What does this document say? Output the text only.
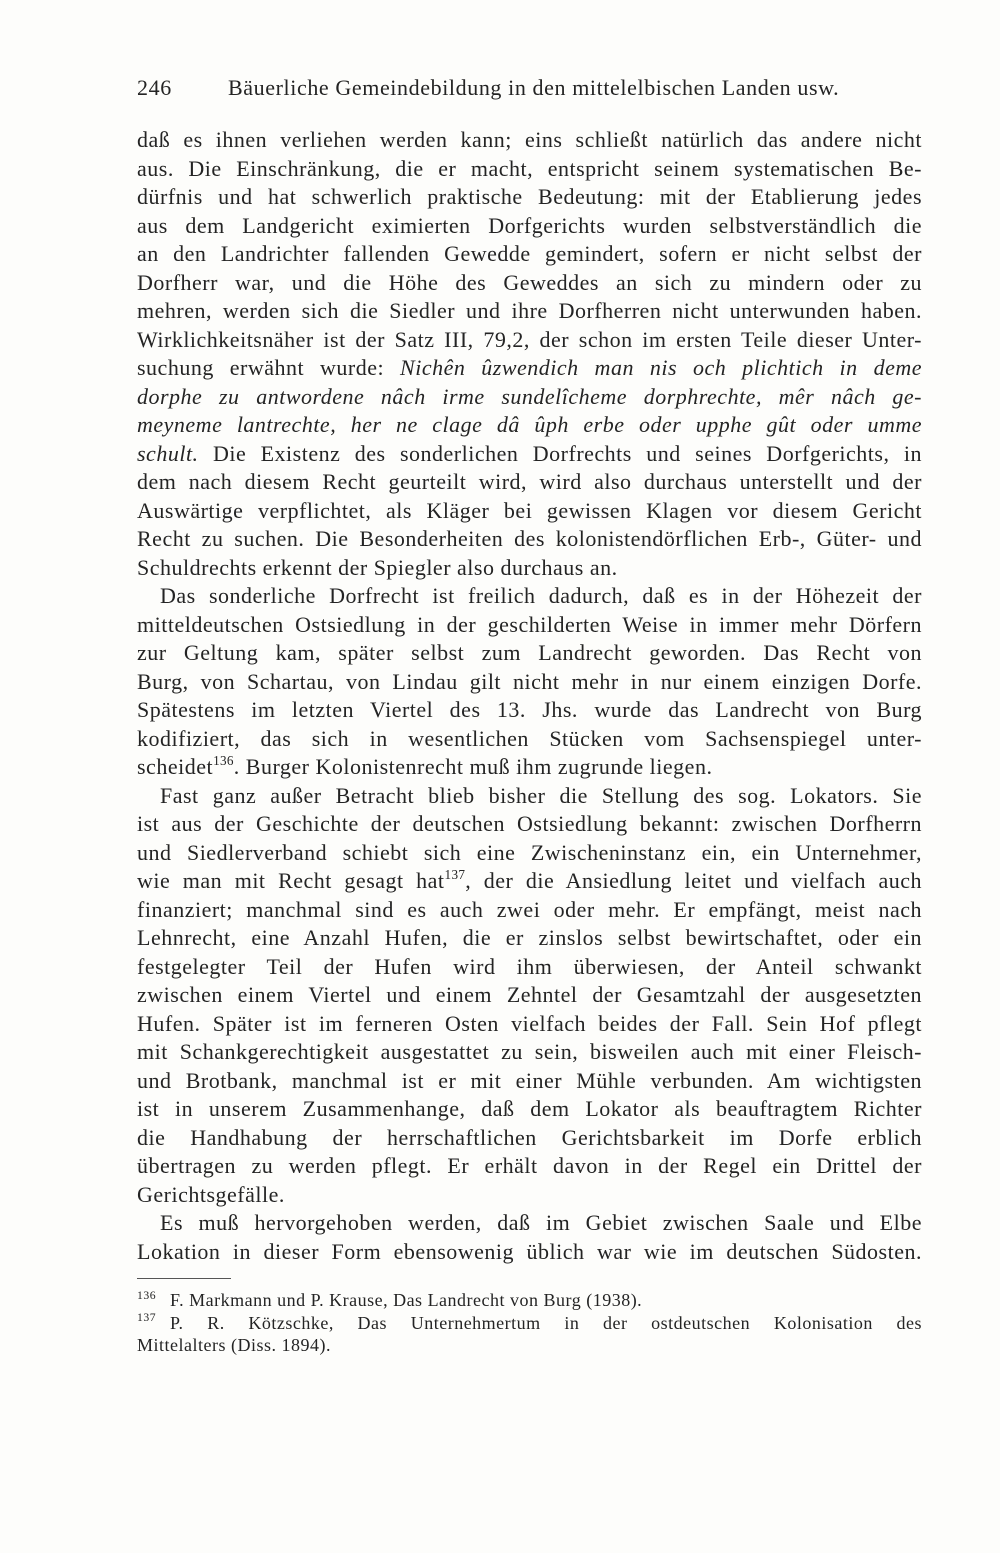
246	Bäuerliche Gemeindebildung in den mittelelbischen Landen usw.
daß es ihnen verliehen werden kann; eins schließt natürlich das andere nicht
aus. Die Einschränkung, die er macht, entspricht seinem systematischen Be-
dürfnis und hat schwerlich praktische Bedeutung: mit der Etablierung jedes
aus dem Landgericht eximierten Dorfgerichts wurden selbstverständlich die
an den Landrichter fallenden Gewedde gemindert, sofern er nicht selbst der
Dorfherr war, und die Höhe des Geweddes an sich zu mindern oder zu
mehren, werden sich die Siedler und ihre Dorfherren nicht unterwunden haben.
Wirklichkeitsnäher ist der Satz III, 79,2, der schon im ersten Teile dieser Unter-
suchung erwähnt wurde: Nichên ûzwendich man nis och plichtich in deme
dorphe zu antwordene nâch irme sundelîcheme dorphrechte, mêr nâch ge-
meyneme lantrechte, her ne clage dâ ûph erbe oder upphe gût oder umme
schult. Die Existenz des sonderlichen Dorfrechts und seines Dorfgerichts, in
dem nach diesem Recht geurteilt wird, wird also durchaus unterstellt und der
Auswärtige verpflichtet, als Kläger bei gewissen Klagen vor diesem Gericht
Recht zu suchen. Die Besonderheiten des kolonistendörflichen Erb-, Güter- und
Schuldrechts erkennt der Spiegler also durchaus an.
Das sonderliche Dorfrecht ist freilich dadurch, daß es in der Höhezeit der
mitteldeutschen Ostsiedlung in der geschilderten Weise in immer mehr Dörfern
zur Geltung kam, später selbst zum Landrecht geworden. Das Recht von
Burg, von Schartau, von Lindau gilt nicht mehr in nur einem einzigen Dorfe.
Spätestens im letzten Viertel des 13. Jhs. wurde das Landrecht von Burg
kodifiziert, das sich in wesentlichen Stücken vom Sachsenspiegel unter-
scheidet$^{136}$. Burger Kolonistenrecht muß ihm zugrunde liegen.
Fast ganz außer Betracht blieb bisher die Stellung des sog. Lokators. Sie
ist aus der Geschichte der deutschen Ostsiedlung bekannt: zwischen Dorfherrn
und Siedlerverband schiebt sich eine Zwischeninstanz ein, ein Unternehmer,
wie man mit Recht gesagt hat$^{137}$, der die Ansiedlung leitet und vielfach auch
finanziert; manchmal sind es auch zwei oder mehr. Er empfängt, meist nach
Lehnrecht, eine Anzahl Hufen, die er zinslos selbst bewirtschaftet, oder ein
festgelegter Teil der Hufen wird ihm überwiesen, der Anteil schwankt
zwischen einem Viertel und einem Zehntel der Gesamtzahl der ausgesetzten
Hufen. Später ist im ferneren Osten vielfach beides der Fall. Sein Hof pflegt
mit Schankgerechtigkeit ausgestattet zu sein, bisweilen auch mit einer Fleisch-
und Brotbank, manchmal ist er mit einer Mühle verbunden. Am wichtigsten
ist in unserem Zusammenhange, daß dem Lokator als beauftragtem Richter
die Handhabung der herrschaftlichen Gerichtsbarkeit im Dorfe erblich
übertragen zu werden pflegt. Er erhält davon in der Regel ein Drittel der
Gerichtsgefälle.
Es muß hervorgehoben werden, daß im Gebiet zwischen Saale und Elbe
Lokation in dieser Form ebensowenig üblich war wie im deutschen Südosten.
$^{136}$ F. Markmann und P. Krause, Das Landrecht von Burg (1938).
$^{137}$ P. R. Kötzschke, Das Unternehmertum in der ostdeutschen Kolonisation des
Mittelalters (Diss. 1894).
